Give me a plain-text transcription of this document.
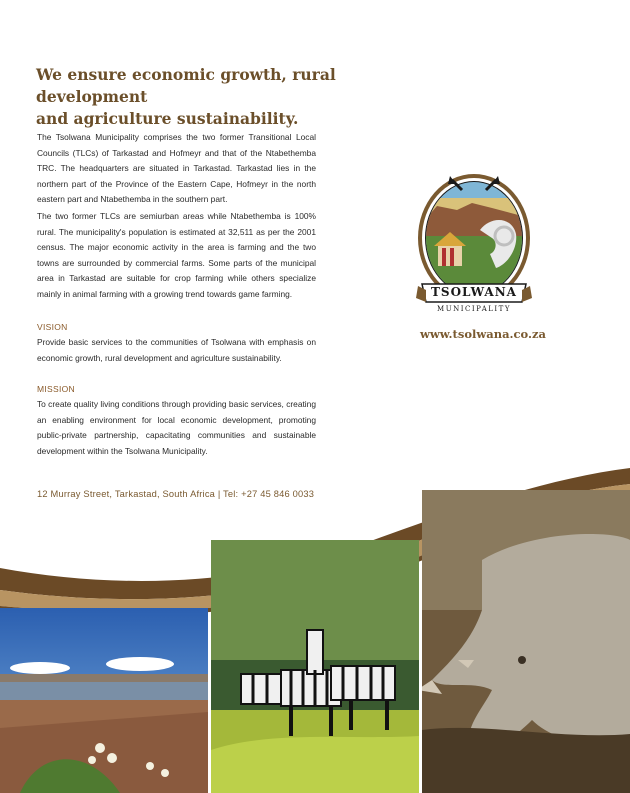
We ensure economic growth, rural development
and agriculture sustainability.

The Tsolwana Municipality comprises the two former Transitional Local Councils (TLCs) of Tarkastad and Hofmeyr and that of the Ntabethemba TRC. The headquarters are situated in Tarkastad. Tarkastad lies in the northern part of the Province of the Eastern Cape, Hofmeyr in the north eastern part and Ntabethemba in the southern part.

The two former TLCs are semiurban areas while Ntabethemba is 100% rural. The municipality's population is estimated at 32,511 as per the 2001 census. The major economic activity in the area is farming and the two towns are surrounded by commercial farms. Some parts of the municipal area in Tarkastad are suitable for crop farming while others specialize mainly in animal farming with a growing trend towards game farming.

VISION

Provide basic services to the communities of Tsolwana with emphasis on economic growth, rural development and agriculture sustainability.

MISSION

To create quality living conditions through providing basic services, creating an enabling environment for local economic development, promoting public-private partnership, capacitating communities and sustainable development within the Tsolwana Municipality.

12 Murray Street, Tarkastad, South Africa | Tel: +27 45 846 0033

TSOLWANA
MUNICIPALITY

www.tsolwana.co.za
